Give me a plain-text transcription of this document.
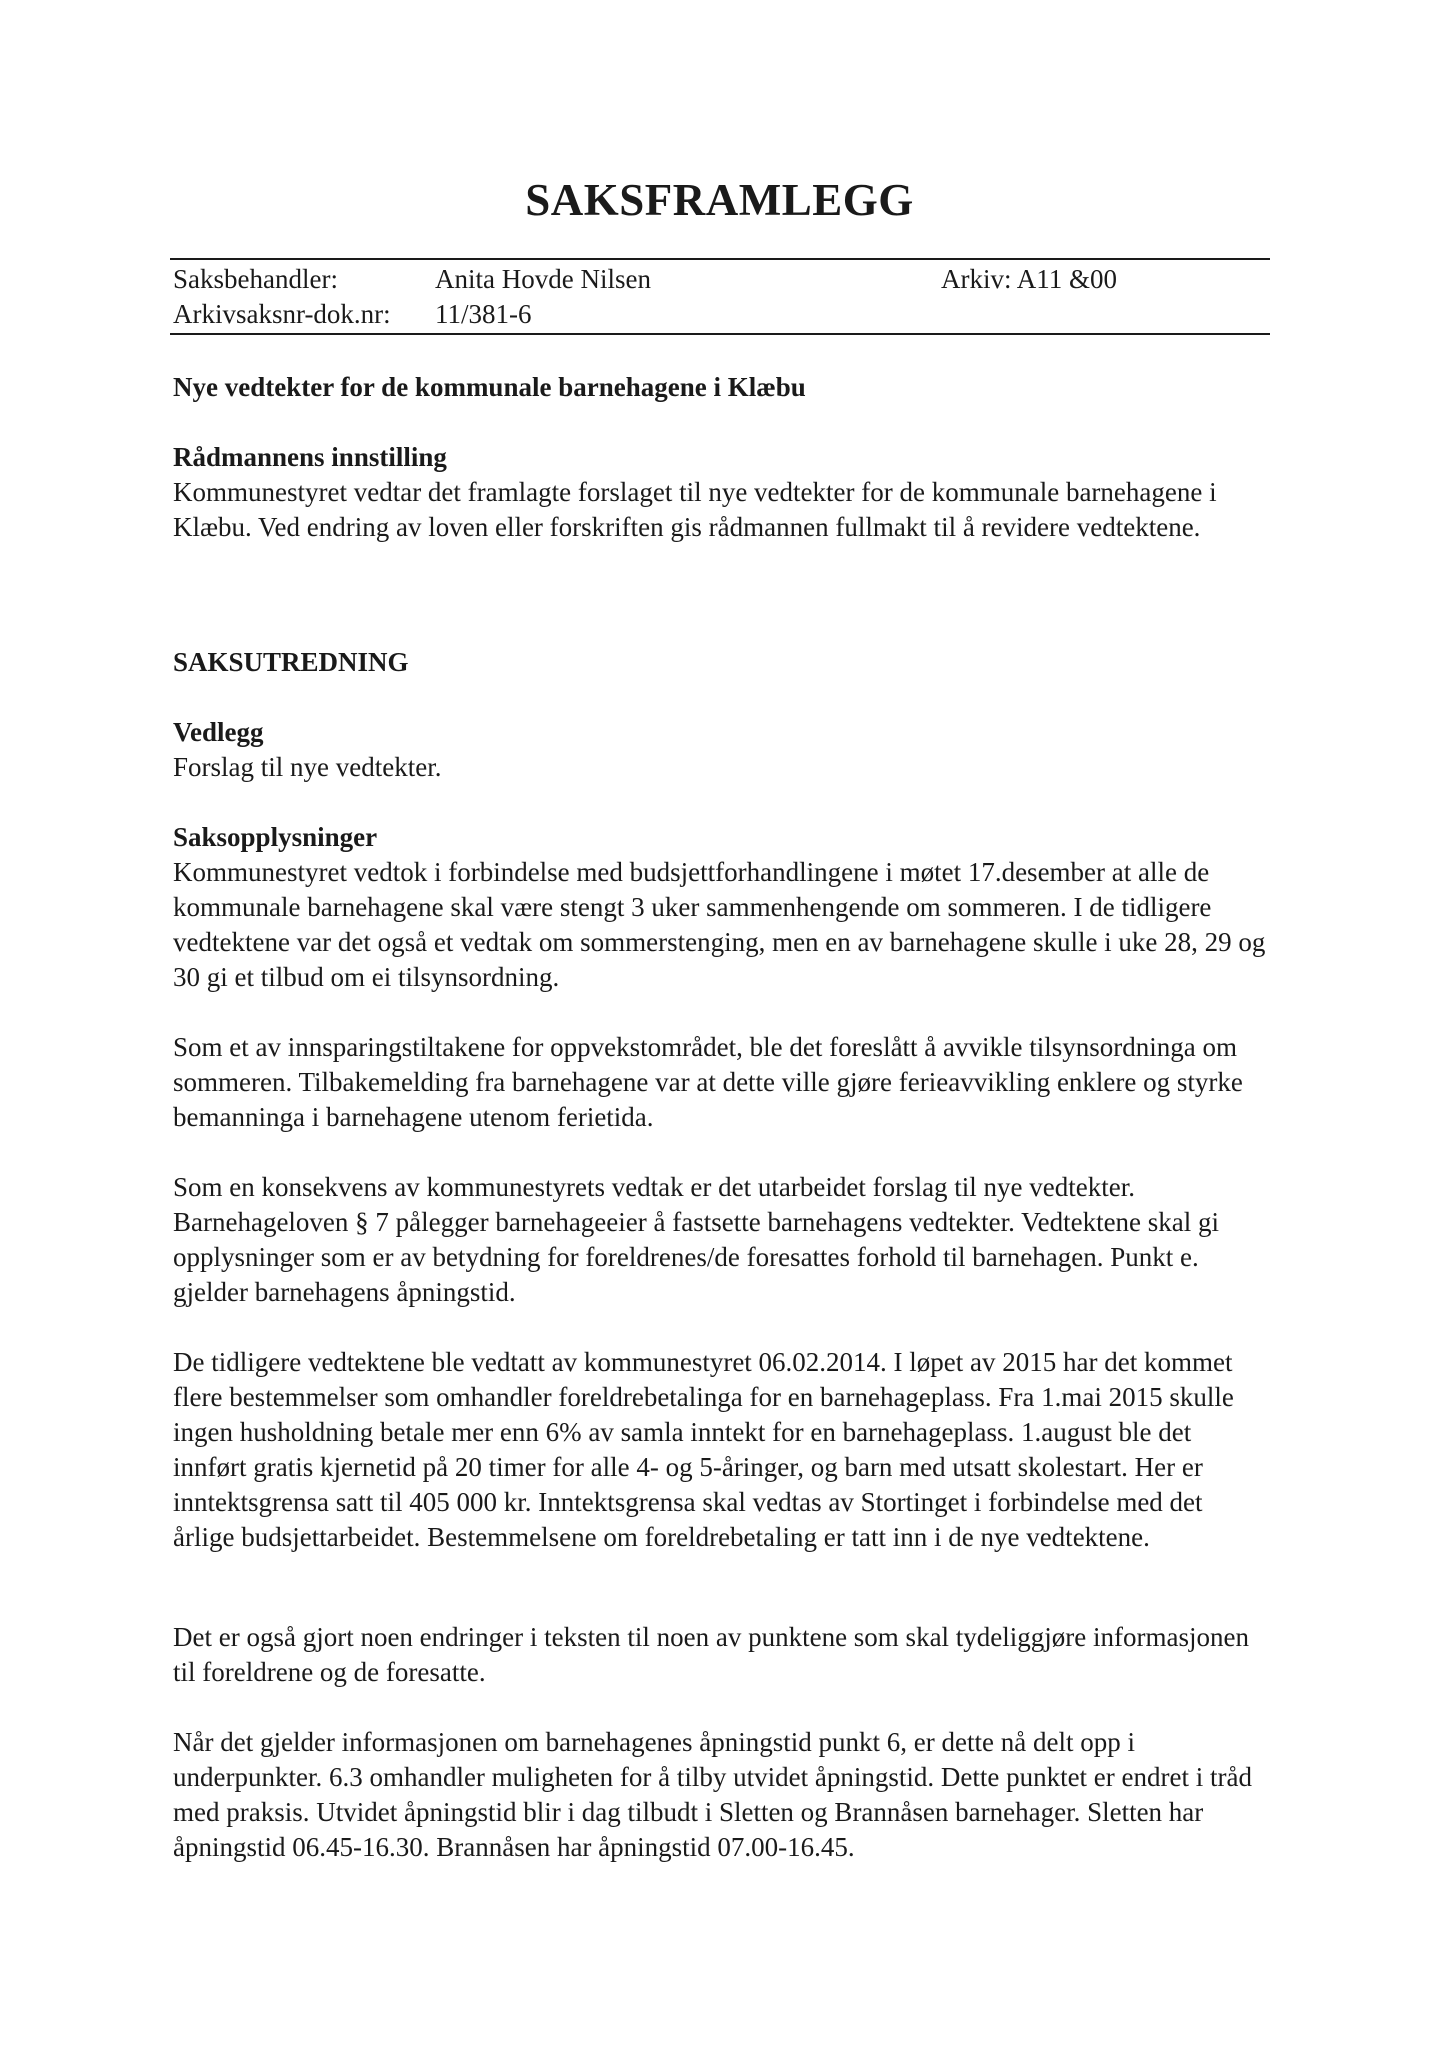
SAKSFRAMLEGG
Saksbehandler:	Anita Hovde Nilsen	Arkiv: A11 &00
Arkivsaksnr-dok.nr: 11/381-6
Nye vedtekter for de kommunale barnehagene i Klæbu

Rådmannens innstilling

Kommunestyret vedtar det framlagte forslaget til nye vedtekter for de kommunale barnehagene i Klæbu. Ved endring av loven eller forskriften gis rådmannen fullmakt til å revidere vedtektene.

SAKSUTREDNING

Vedlegg

Forslag til nye vedtekter.

Saksopplysninger

Kommunestyret vedtok i forbindelse med budsjettforhandlingene i møtet 17.desember at alle de kommunale barnehagene skal være stengt 3 uker sammenhengende om sommeren. I de tidligere vedtektene var det også et vedtak om sommerstenging, men en av barnehagene skulle i uke 28, 29 og 30 gi et tilbud om ei tilsynsordning.

Som et av innsparingstiltakene for oppvekstområdet, ble det foreslått å avvikle tilsynsordninga om sommeren. Tilbakemelding fra barnehagene var at dette ville gjøre ferieavvikling enklere og styrke bemanninga i barnehagene utenom ferietida.
Som en konsekvens av kommunestyrets vedtak er det utarbeidet forslag til nye vedtekter. Barnehageloven § 7 pålegger barnehageeier å fastsette barnehagens vedtekter. Vedtektene skal gi opplysninger som er av betydning for foreldrenes/de foresattes forhold til barnehagen. Punkt e. gjelder barnehagens åpningstid.
De tidligere vedtektene ble vedtatt av kommunestyret 06.02.2014. I løpet av 2015 har det kommet flere bestemmelser som omhandler foreldrebetalinga for en barnehageplass. Fra 1.mai 2015 skulle ingen husholdning betale mer enn 6% av samla inntekt for en barnehageplass. 1.august ble det innført gratis kjernetid på 20 timer for alle 4- og 5-åringer, og barn med utsatt skolestart. Her er inntektsgrensa satt til 405 000 kr. Inntektsgrensa skal vedtas av Stortinget i forbindelse med det årlige budsjettarbeidet. Bestemmelsene om foreldrebetaling er tatt inn i de nye vedtektene.
Det er også gjort noen endringer i teksten til noen av punktene som skal tydeliggjøre informasjonen til foreldrene og de foresatte.
Når det gjelder informasjonen om barnehagenes åpningstid punkt 6, er dette nå delt opp i underpunkter. 6.3 omhandler muligheten for å tilby utvidet åpningstid. Dette punktet er endret i tråd med praksis. Utvidet åpningstid blir i dag tilbudt i Sletten og Brannåsen barnehager. Sletten har åpningstid 06.45-16.30. Brannåsen har åpningstid 07.00-16.45.
